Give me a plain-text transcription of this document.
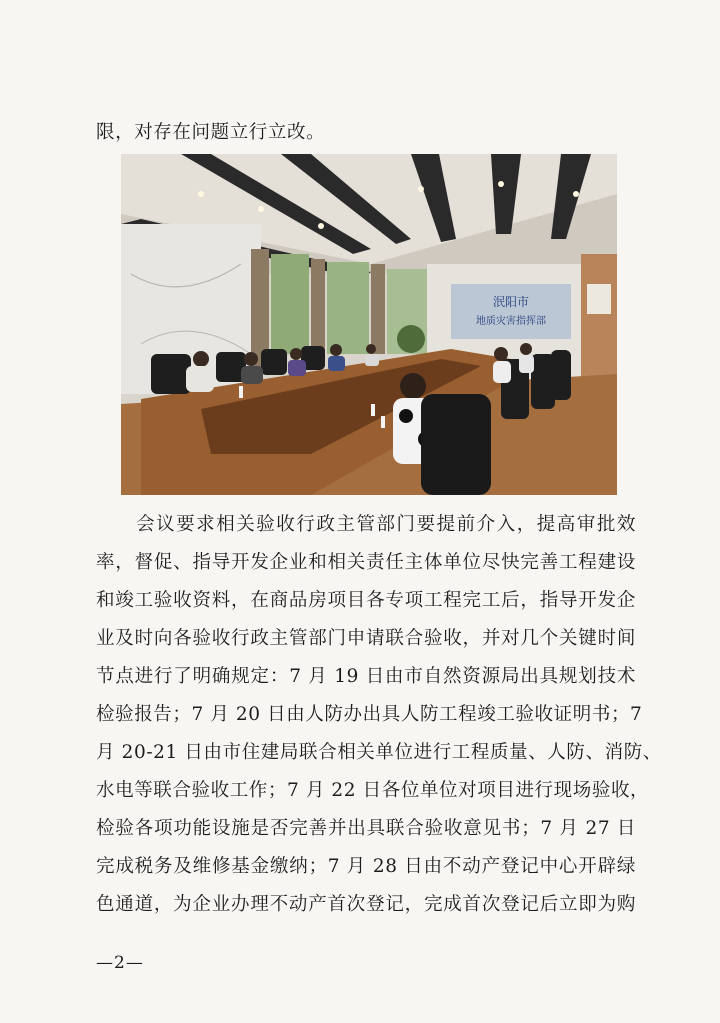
限，对存在问题立行立改。
泯阳市
地质灾害指挥部
　　会议要求相关验收行政主管部门要提前介入，提高审批效
率，督促、指导开发企业和相关责任主体单位尽快完善工程建设
和竣工验收资料，在商品房项目各专项工程完工后，指导开发企
业及时向各验收行政主管部门申请联合验收，并对几个关键时间
节点进行了明确规定：7 月 19 日由市自然资源局出具规划技术
检验报告；7 月 20 日由人防办出具人防工程竣工验收证明书；7
月 20-21 日由市住建局联合相关单位进行工程质量、人防、消防、
水电等联合验收工作；7 月 22 日各位单位对项目进行现场验收，
检验各项功能设施是否完善并出具联合验收意见书；7 月 27 日
完成税务及维修基金缴纳；7 月 28 日由不动产登记中心开辟绿
色通道，为企业办理不动产首次登记，完成首次登记后立即为购
—2—
